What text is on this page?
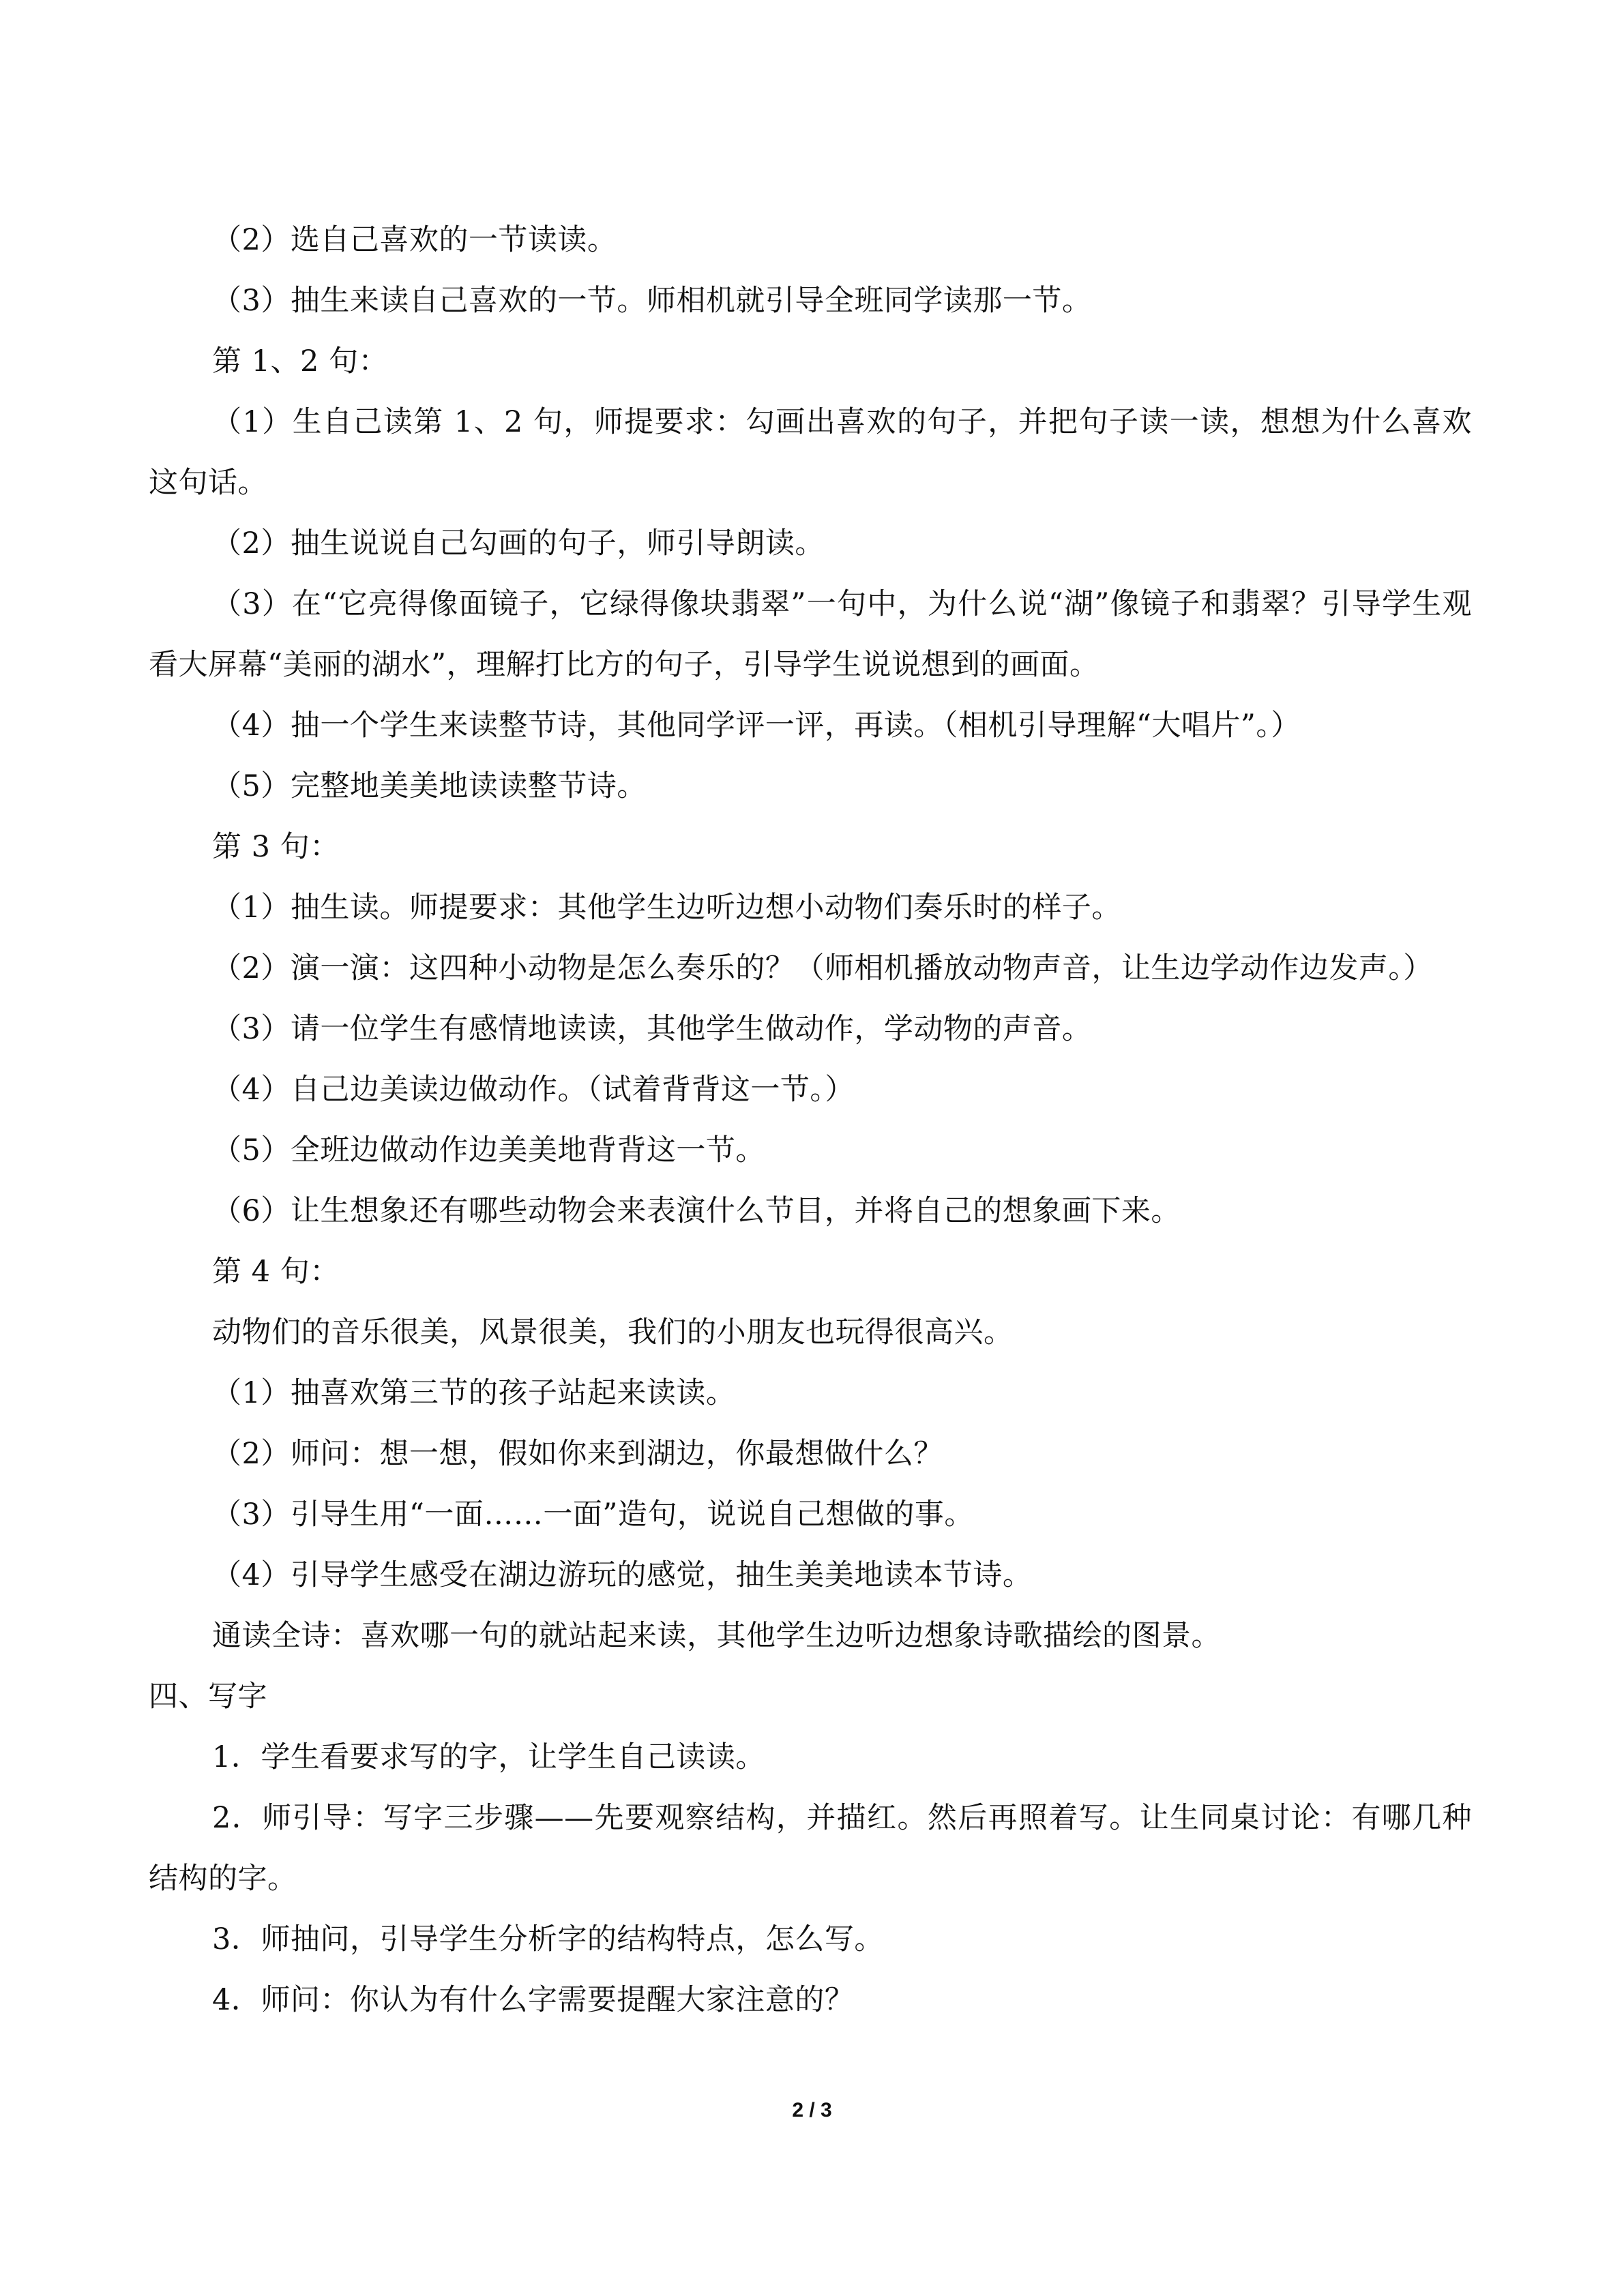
（2）选自己喜欢的一节读读。
（3）抽生来读自己喜欢的一节。师相机就引导全班同学读那一节。
第 1、2 句：
（1）生自己读第 1、2 句，师提要求：勾画出喜欢的句子，并把句子读一读，想想为什么喜欢这句话。
（2）抽生说说自己勾画的句子，师引导朗读。
（3）在“它亮得像面镜子，它绿得像块翡翠”一句中，为什么说“湖”像镜子和翡翠？引导学生观看大屏幕“美丽的湖水”，理解打比方的句子，引导学生说说想到的画面。
（4）抽一个学生来读整节诗，其他同学评一评，再读。（相机引导理解“大唱片”。）
（5）完整地美美地读读整节诗。
第 3 句：
（1）抽生读。师提要求：其他学生边听边想小动物们奏乐时的样子。
（2）演一演：这四种小动物是怎么奏乐的？（师相机播放动物声音，让生边学动作边发声。）
（3）请一位学生有感情地读读，其他学生做动作，学动物的声音。
（4）自己边美读边做动作。（试着背背这一节。）
（5）全班边做动作边美美地背背这一节。
（6）让生想象还有哪些动物会来表演什么节目，并将自己的想象画下来。
第 4 句：
动物们的音乐很美，风景很美，我们的小朋友也玩得很高兴。
（1）抽喜欢第三节的孩子站起来读读。
（2）师问：想一想，假如你来到湖边，你最想做什么？
（3）引导生用“一面……一面”造句，说说自己想做的事。
（4）引导学生感受在湖边游玩的感觉，抽生美美地读本节诗。
通读全诗：喜欢哪一句的就站起来读，其他学生边听边想象诗歌描绘的图景。
四、写字
1．学生看要求写的字，让学生自己读读。
2．师引导：写字三步骤——先要观察结构，并描红。然后再照着写。让生同桌讨论：有哪几种结构的字。
3．师抽问，引导学生分析字的结构特点，怎么写。
4．师问：你认为有什么字需要提醒大家注意的？
2 / 3
